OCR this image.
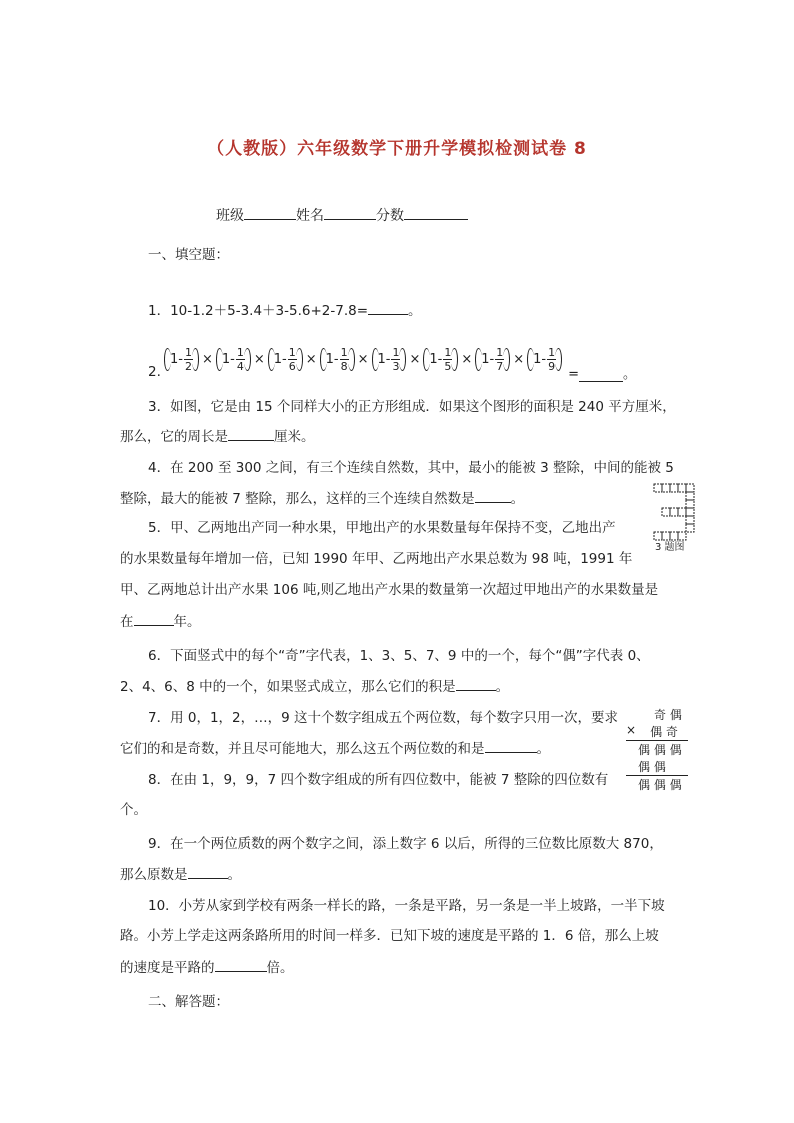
（人教版）六年级数学下册升学模拟检测试卷 8
班级	姓名	分数
一、填空题：
1．10-1.2＋5-3.4＋3-5.6+2-7.8=	。
2.
$1- \frac{1}{2} \times 1- \frac{1}{4} \times 1- \frac{1}{6} \times 1- \frac{1}{8} \times 1- \frac{1}{3} \times 1- \frac{1}{5} \times 1- \frac{1}{7} \times 1- \frac{1}{9}$
=	。
3．如图，它是由 15 个同样大小的正方形组成．如果这个图形的面积是 240 平方厘米，
那么，它的周长是	厘米。
4．在 200 至 300 之间，有三个连续自然数，其中，最小的能被 3 整除，中间的能被 5
整除，最大的能被 7 整除，那么，这样的三个连续自然数是	。
3 题图
5．甲、乙两地出产同一种水果，甲地出产的水果数量每年保持不变，乙地出产
的水果数量每年增加一倍，已知 1990 年甲、乙两地出产水果总数为 98 吨，1991 年
甲、乙两地总计出产水果 106 吨,则乙地出产水果的数量第一次超过甲地出产的水果数量是
在	年。
6．下面竖式中的每个“奇”字代表，1、3、5、7、9 中的一个，每个“偶”字代表 0、
2、4、6、8 中的一个，如果竖式成立，那么它们的积是	。
奇 偶
× 偶 奇
偶 偶 偶
偶 偶
偶 偶 偶
7．用 0，1，2，…，9 这十个数字组成五个两位数，每个数字只用一次，要求
它们的和是奇数，并且尽可能地大，那么这五个两位数的和是	。
8．在由 1，9，9，7 四个数字组成的所有四位数中，能被 7 整除的四位数有
个。
9．在一个两位质数的两个数字之间，添上数字 6 以后，所得的三位数比原数大 870，
那么原数是	。
10．小芳从家到学校有两条一样长的路，一条是平路，另一条是一半上坡路，一半下坡
路。小芳上学走这两条路所用的时间一样多．已知下坡的速度是平路的 1．6 倍，那么上坡
的速度是平路的	倍。
二、解答题：
